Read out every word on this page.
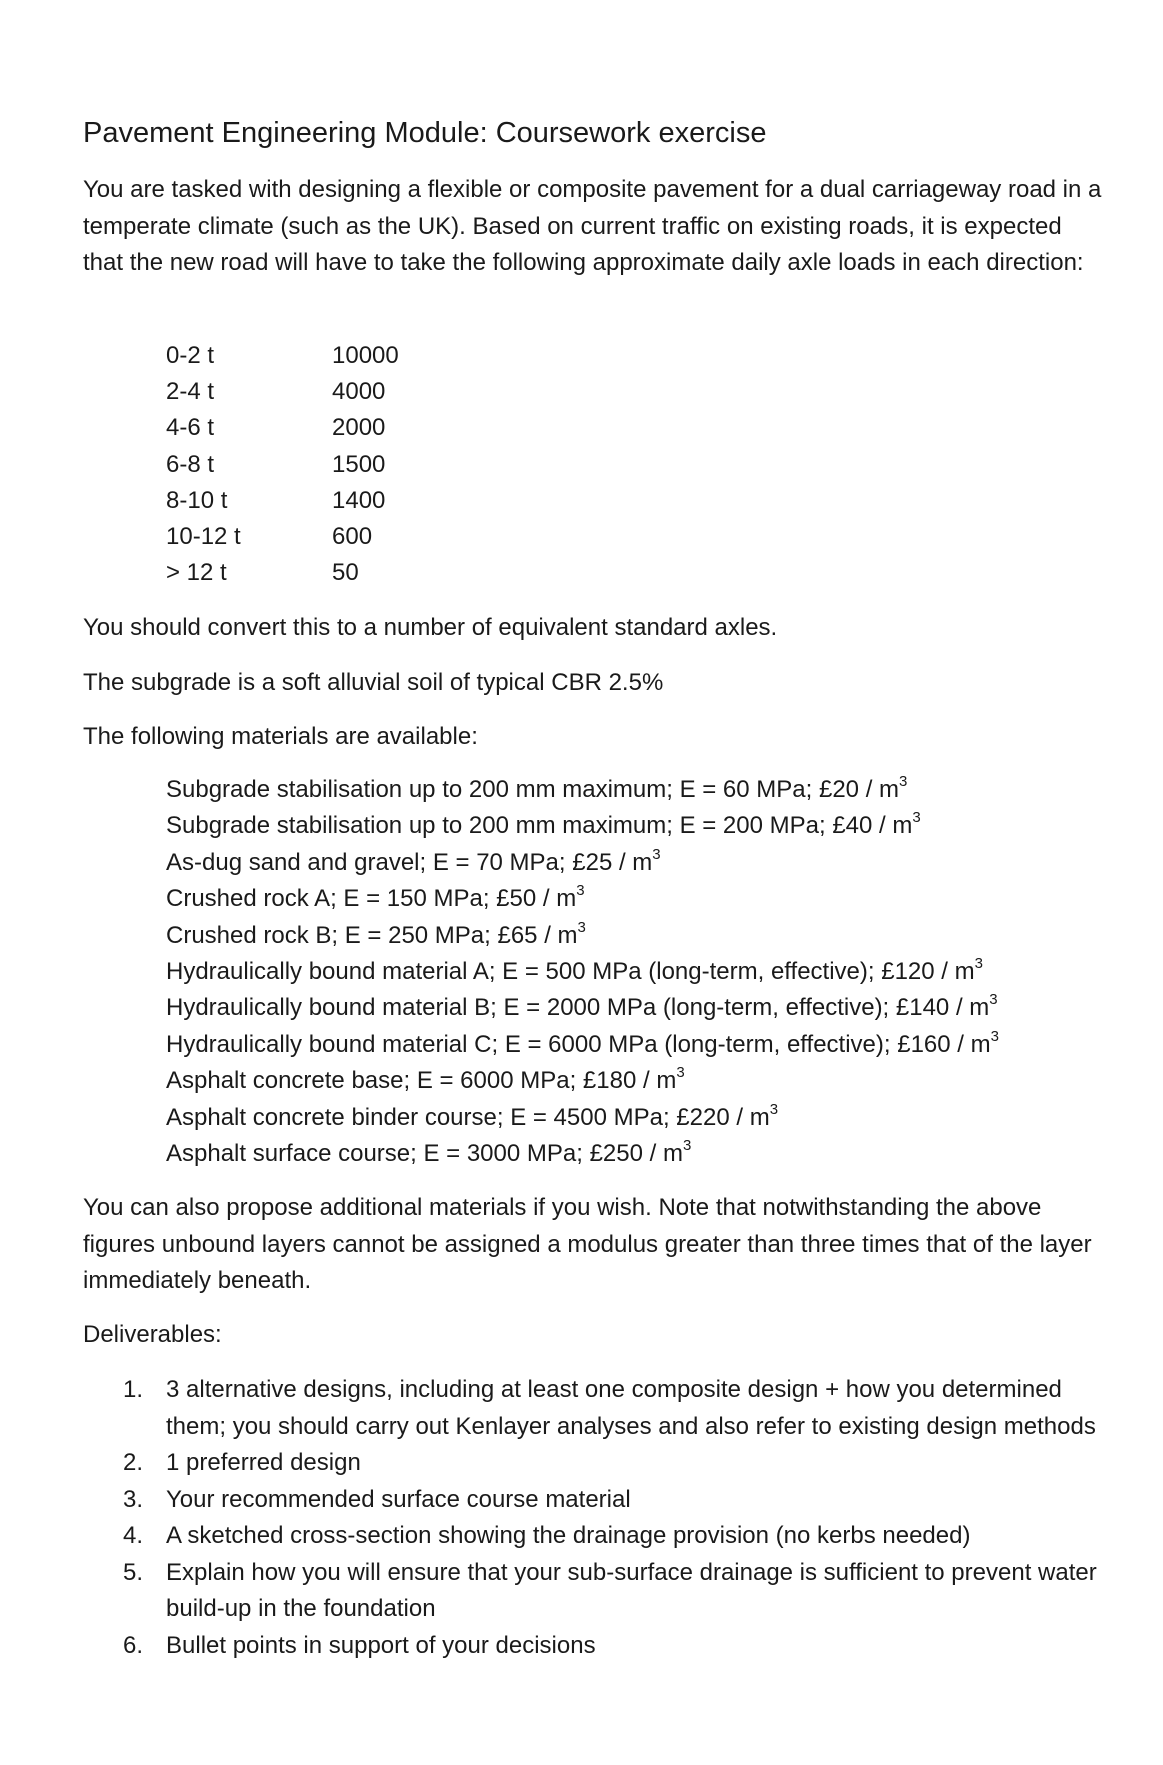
Pavement Engineering Module: Coursework exercise

You are tasked with designing a flexible or composite pavement for a dual carriageway road in a temperate climate (such as the UK). Based on current traffic on existing roads, it is expected that the new road will have to take the following approximate daily axle loads in each direction:

0-2 t	10000
2-4 t	4000
4-6 t	2000
6-8 t	1500
8-10 t	1400
10-12 t	600
> 12 t	50

You should convert this to a number of equivalent standard axles.

The subgrade is a soft alluvial soil of typical CBR 2.5%

The following materials are available:

Subgrade stabilisation up to 200 mm maximum; E = 60 MPa; £20 / $m^3$
Subgrade stabilisation up to 200 mm maximum; E = 200 MPa; £40 / $m^3$
As-dug sand and gravel; E = 70 MPa; £25 / $m^3$
Crushed rock A; E = 150 MPa; £50 / $m^3$
Crushed rock B; E = 250 MPa; £65 / $m^3$
Hydraulically bound material A; E = 500 MPa (long-term, effective); £120 / $m^3$
Hydraulically bound material B; E = 2000 MPa (long-term, effective); £140 / $m^3$
Hydraulically bound material C; E = 6000 MPa (long-term, effective); £160 / $m^3$
Asphalt concrete base; E = 6000 MPa; £180 / $m^3$
Asphalt concrete binder course; E = 4500 MPa; £220 / $m^3$
Asphalt surface course; E = 3000 MPa; £250 / $m^3$

You can also propose additional materials if you wish. Note that notwithstanding the above figures unbound layers cannot be assigned a modulus greater than three times that of the layer immediately beneath.

Deliverables:

1. 3 alternative designs, including at least one composite design + how you determined them; you should carry out Kenlayer analyses and also refer to existing design methods
2. 1 preferred design
3. Your recommended surface course material
4. A sketched cross-section showing the drainage provision (no kerbs needed)
5. Explain how you will ensure that your sub-surface drainage is sufficient to prevent water build-up in the foundation
6. Bullet points in support of your decisions
